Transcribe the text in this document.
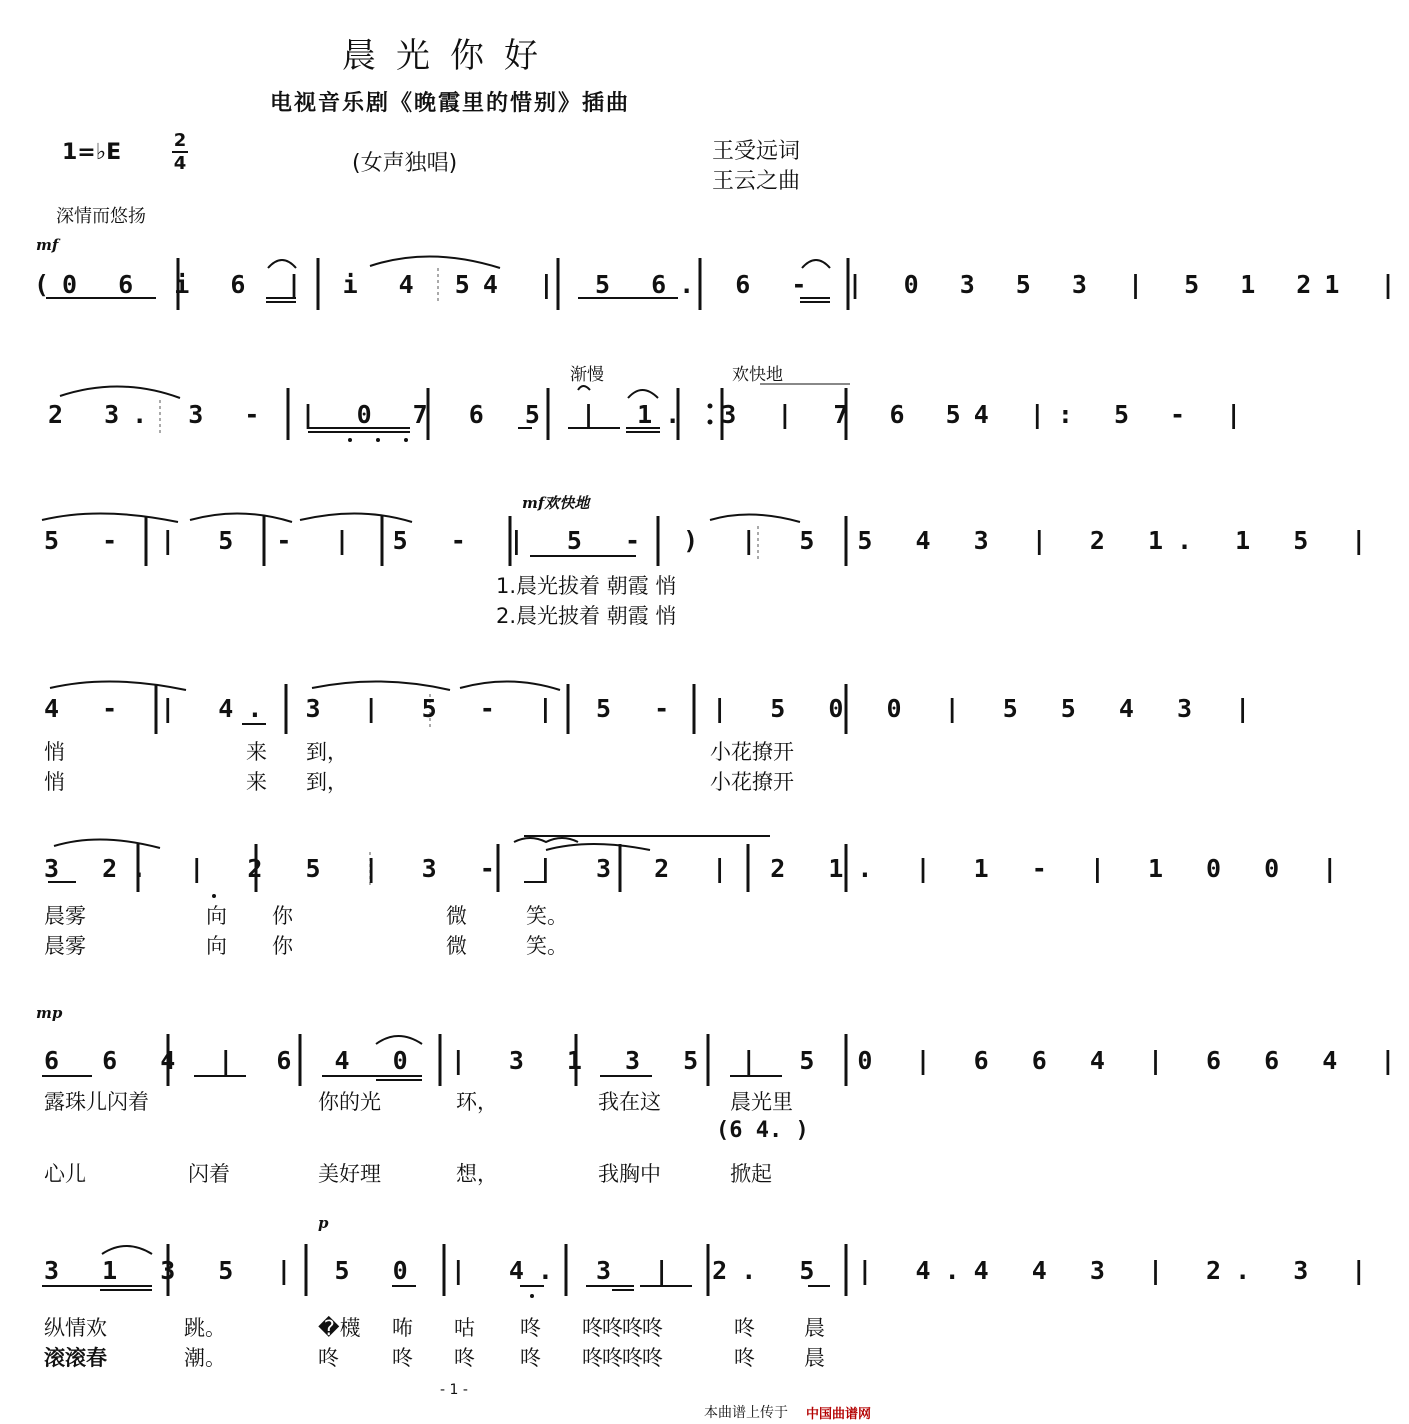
晨光你好
电视音乐剧《晚霞里的惜别》插曲
1=♭E	2
4	(女声独唱)	王受远词
王云之曲
深情而悠扬
mf
(0 6 i 6 | i 4 54 | 5 6. 6 - | 0 3 5 3 | 5 1 21 |
渐慢	欢快地
2 3. 3 - | 0 7 6 5 | 1. 3 | 7 6 54 |: 5 - |
mf欢快地
5 - | 5 - | 5 - | 5 - ) | 5 5 4 3 | 2 1. 1 5 |
1.晨光拔着 朝霞 悄
2.晨光披着 朝霞 悄
4 - | 4. 3 | 5 - | 5 - | 5 0 0 | 5 5 4 3 |
悄	来 到，	小花撩开
悄	来 到，	小花撩开
3 2. | 2 5 | 3 - | 3 2 | 2 1. | 1 - | 1 0 0 |
晨雾	向 你	微	笑。
晨雾	向 你	微	笑。
mp
6 6 4 | 6 4 0 | 3 1 3 5 | 5 0 | 6 6 4 | 6 6 4 |
露珠儿闪着	你的光	环，	我在这	晨光里
(6 4. )
心儿	闪着	美好理	想，	我胸中	掀起
p
3 1 3 5 | 5 0 | 4. 3 | 2. 5 | 4.4 4 3 | 2. 3 |
纵情欢	跳。	�櫗 咘 咕 咚 咚咚咚咚	咚 晨
滚滚春	潮。	咚	咚 咚 咚 咚咚咚咚	咚 晨
- 1 -
本曲谱上传于 中国曲谱网
